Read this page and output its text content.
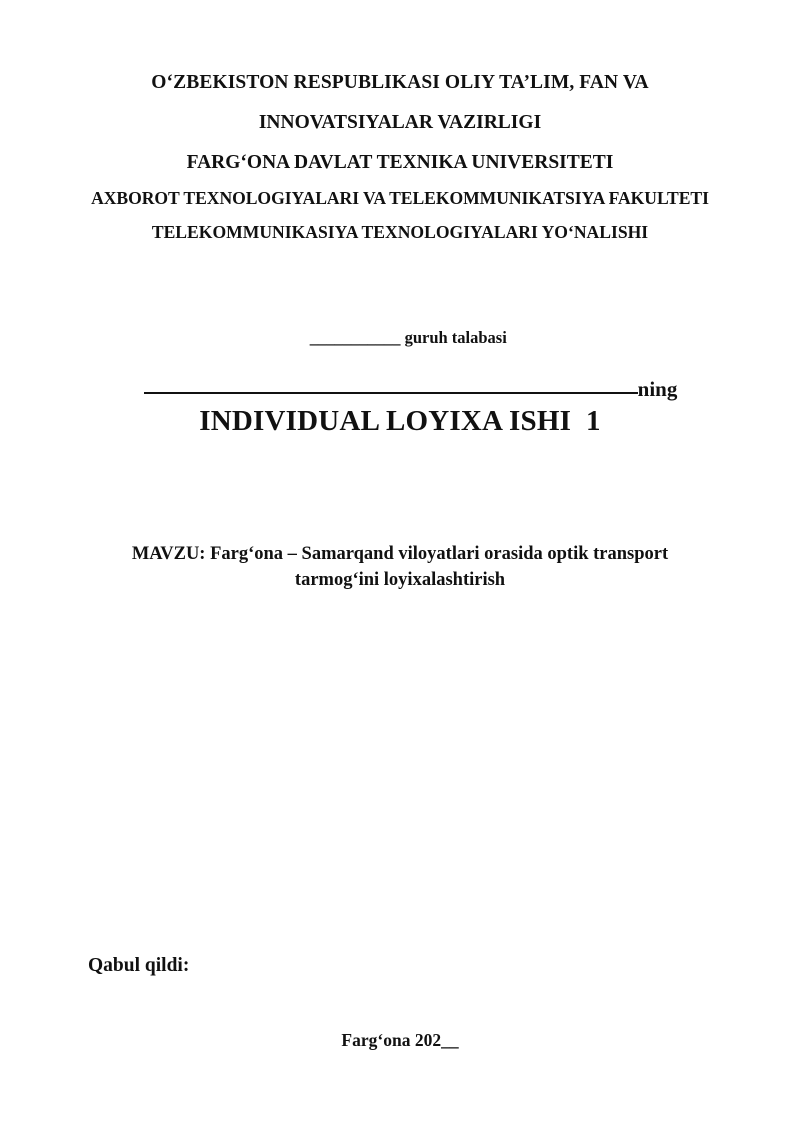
O‘ZBEKISTON RESPUBLIKASI OLIY TA’LIM, FAN VA
INNOVATSIYALAR VAZIRLIGI
FARG‘ONA DAVLAT TEXNIKA UNIVERSITETI
AXBOROT TEXNOLOGIYALARI VA TELEKOMMUNIKATSIYA FAKULTETI
TELEKOMMUNIKASIYA TEXNOLOGIYALARI YO‘NALISHI

___________ guruh talabasi

ning

INDIVIDUAL LOYIXA ISHI  1
MAVZU: Farg‘ona – Samarqand viloyatlari orasida optik transport tarmog‘ini loyixalashtirish
Qabul qildi:
Farg‘ona 202__
